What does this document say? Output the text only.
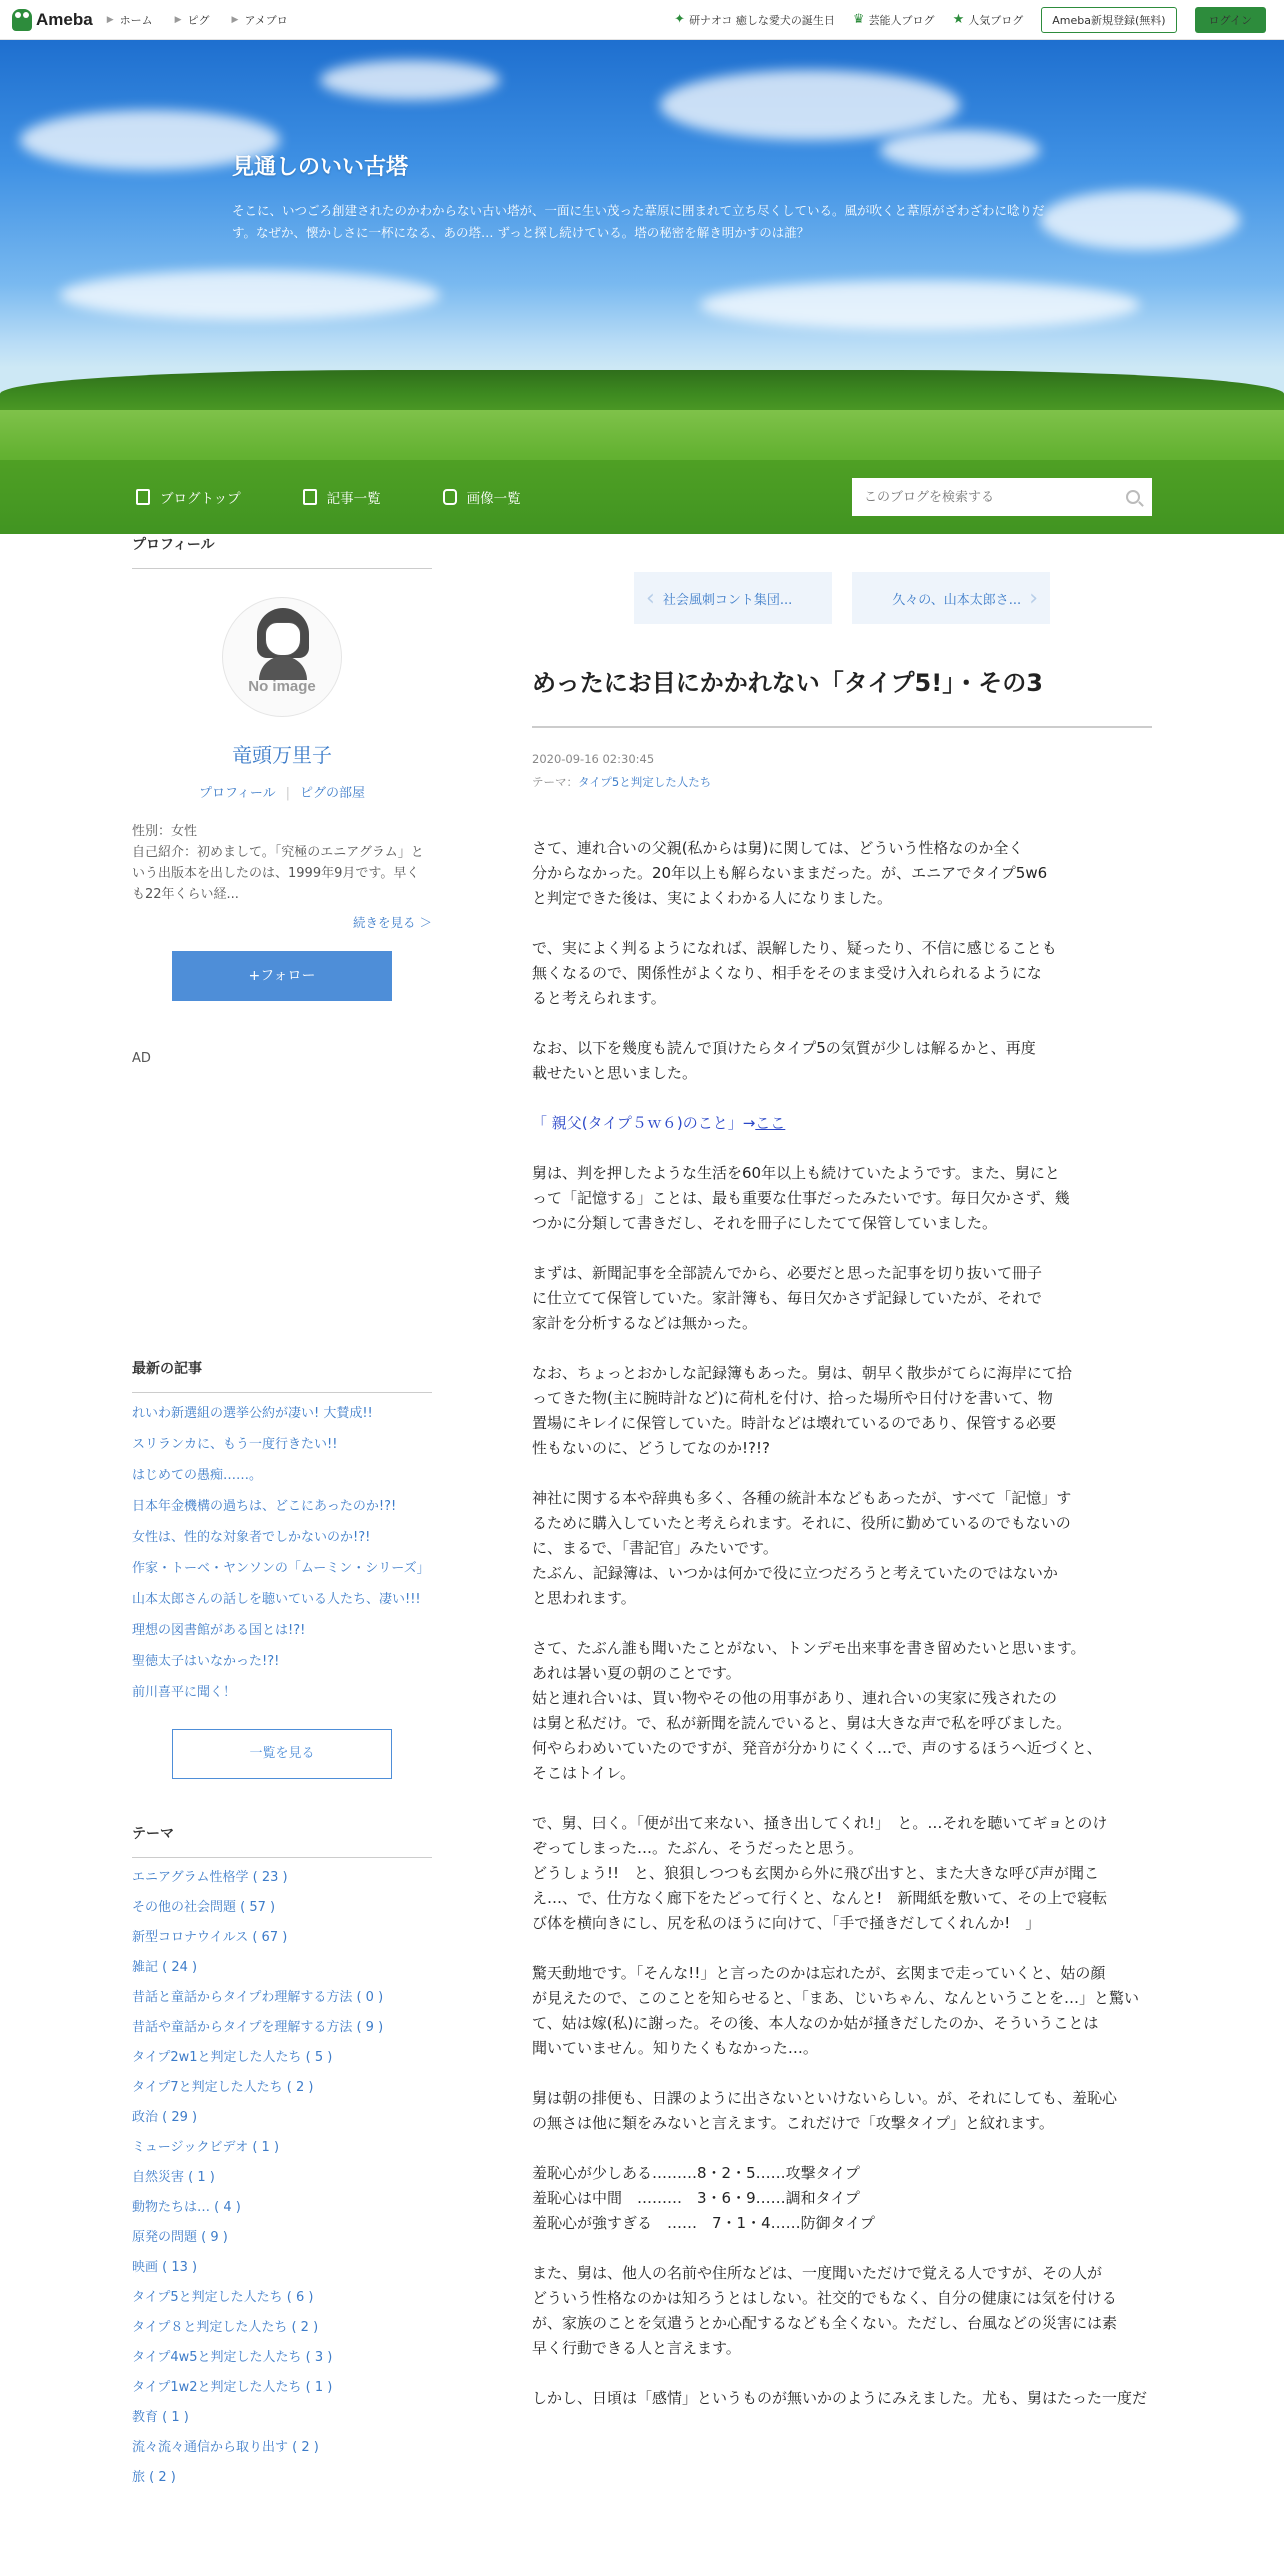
Ameba ▶ ホーム ▶ ピグ ▶ アメブロ	✦ 研ナオコ 癒しな愛犬の誕生日 ♛ 芸能人ブログ ★ 人気ブログ	Ameba新規登録(無料)	ログイン
見通しのいい古塔
そこに、いつごろ創建されたのかわからない古い塔が、一面に生い茂った葦原に囲まれて立ち尽くしている。風が吹くと葦原がざわざわに唸りだす。なぜか、懐かしさに一杯になる、あの塔… ずっと探し続けている。塔の秘密を解き明かすのは誰？
ブログトップ	記事一覧	画像一覧
このブログを検索する
プロフィール
No image
竜頭万里子
プロフィール | ピグの部屋
性別：女性
自己紹介：初めまして。「究極のエニアグラム」という出版本を出したのは、1999年9月です。早くも22年くらい経...
続きを見る ＞
+フォロー
AD
最新の記事
れいわ新選組の選挙公約が凄い! 大賛成!!
スリランカに、もう一度行きたい!!
はじめての愚痴……。
日本年金機構の過ちは、どこにあったのか!?!
女性は、性的な対象者でしかないのか!?!
作家・トーベ・ヤンソンの「ムーミン・シリーズ」
山本太郎さんの話しを聴いている人たち、凄い!!!
理想の図書館がある国とは!?!
聖徳太子はいなかった!?!
前川喜平に聞く！
一覧を見る
テーマ
エニアグラム性格学 ( 23 )
その他の社会問題 ( 57 )
新型コロナウイルス ( 67 )
雑記 ( 24 )
昔話と童話からタイプわ理解する方法 ( 0 )
昔話や童話からタイプを理解する方法 ( 9 )
タイプ2w1と判定した人たち ( 5 )
タイプ7と判定した人たち ( 2 )
政治 ( 29 )
ミュージックビデオ ( 1 )
自然災害 ( 1 )
動物たちは… ( 4 )
原発の問題 ( 9 )
映画 ( 13 )
タイプ5と判定した人たち ( 6 )
タイプ８と判定した人たち ( 2 )
タイプ4w5と判定した人たち ( 3 )
タイプ1w2と判定した人たち ( 1 )
教育 ( 1 )
流々流々通信から取り出す ( 2 )
旅 ( 2 )
‹ 社会風刺コント集団...	久々の、山本太郎さ... ›
めったにお目にかかれない「タイプ5!」・その3
2020-09-16 02:30:45
テーマ：タイプ5と判定した人たち

さて、連れ合いの父親(私からは舅)に関しては、どういう性格なのか全く
分からなかった。20年以上も解らないままだった。が、エニアでタイプ5w6
と判定できた後は、実によくわかる人になりました。

で、実によく判るようになれば、誤解したり、疑ったり、不信に感じることも
無くなるので、関係性がよくなり、相手をそのまま受け入れられるようにな
ると考えられます。

なお、以下を幾度も読んで頂けたらタイプ5の気質が少しは解るかと、再度
載せたいと思いました。

「 親父(タイプ５ｗ６)のこと」→ここ

舅は、判を押したような生活を60年以上も続けていたようです。また、舅にと
って「記憶する」ことは、最も重要な仕事だったみたいです。毎日欠かさず、幾
つかに分類して書きだし、それを冊子にしたてて保管していました。

まずは、新聞記事を全部読んでから、必要だと思った記事を切り抜いて冊子
に仕立てて保管していた。家計簿も、毎日欠かさず記録していたが、それで
家計を分析するなどは無かった。

なお、ちょっとおかしな記録簿もあった。舅は、朝早く散歩がてらに海岸にて拾
ってきた物(主に腕時計など)に荷札を付け、拾った場所や日付けを書いて、物
置場にキレイに保管していた。時計などは壊れているのであり、保管する必要
性もないのに、どうしてなのか!?!?

神社に関する本や辞典も多く、各種の統計本などもあったが、すべて「記憶」す
るために購入していたと考えられます。それに、役所に勤めているのでもないの
に、まるで、「書記官」みたいです。
たぶん、記録簿は、いつかは何かで役に立つだろうと考えていたのではないか
と思われます。

さて、たぶん誰も聞いたことがない、トンデモ出来事を書き留めたいと思います。
あれは暑い夏の朝のことです。
姑と連れ合いは、買い物やその他の用事があり、連れ合いの実家に残されたの
は舅と私だけ。で、私が新聞を読んでいると、舅は大きな声で私を呼びました。
何やらわめいていたのですが、発音が分かりにくく…で、声のするほうへ近づくと、
そこはトイレ。

で、舅、曰く。「便が出て来ない、掻き出してくれ!」　と。…それを聴いてギョとのけ
ぞってしまった…。たぶん、そうだったと思う。
どうしょう!!　と、狼狽しつつも玄関から外に飛び出すと、また大きな呼び声が聞こ
え…、で、仕方なく廊下をたどって行くと、なんと!　新聞紙を敷いて、その上で寝転
び体を横向きにし、尻を私のほうに向けて、「手で掻きだしてくれんか!　」

驚天動地です。「そんな!!」と言ったのかは忘れたが、玄関まで走っていくと、姑の顔
が見えたので、このことを知らせると、「まあ、じいちゃん、なんということを…」と驚い
て、姑は嫁(私)に謝った。その後、本人なのか姑が掻きだしたのか、そういうことは
聞いていません。知りたくもなかった…。

舅は朝の排便も、日課のように出さないといけないらしい。が、それにしても、羞恥心
の無さは他に類をみないと言えます。これだけで「攻撃タイプ」と紋れます。

羞恥心が少しある………8・2・5……攻撃タイプ
羞恥心は中間　………　3・6・9……調和タイプ
羞恥心が強すぎる　……　7・1・4……防御タイプ

また、舅は、他人の名前や住所などは、一度聞いただけで覚える人ですが、その人が
どういう性格なのかは知ろうとはしない。社交的でもなく、自分の健康には気を付ける
が、家族のことを気遣うとか心配するなども全くない。ただし、台風などの災害には素
早く行動できる人と言えます。

しかし、日頃は「感情」というものが無いかのようにみえました。尤も、舅はたった一度だ
